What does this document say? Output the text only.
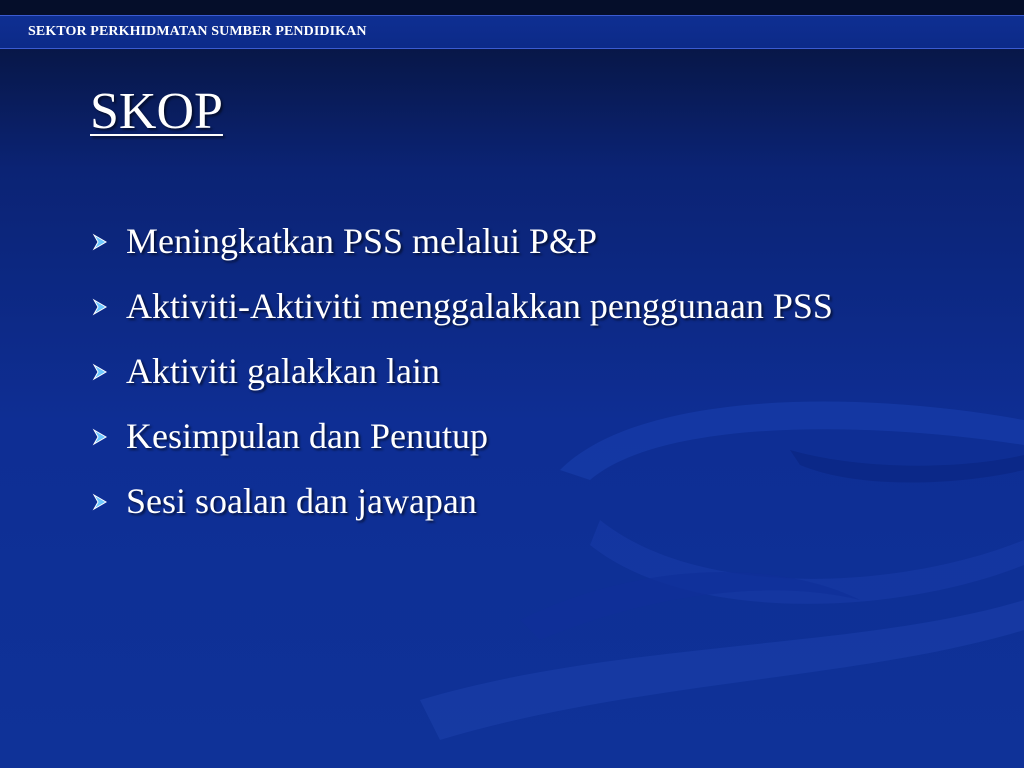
SEKTOR PERKHIDMATAN SUMBER PENDIDIKAN
SKOP
Meningkatkan PSS melalui P&P
Aktiviti-Aktiviti menggalakkan penggunaan PSS
Aktiviti galakkan lain
Kesimpulan dan Penutup
Sesi soalan dan jawapan
